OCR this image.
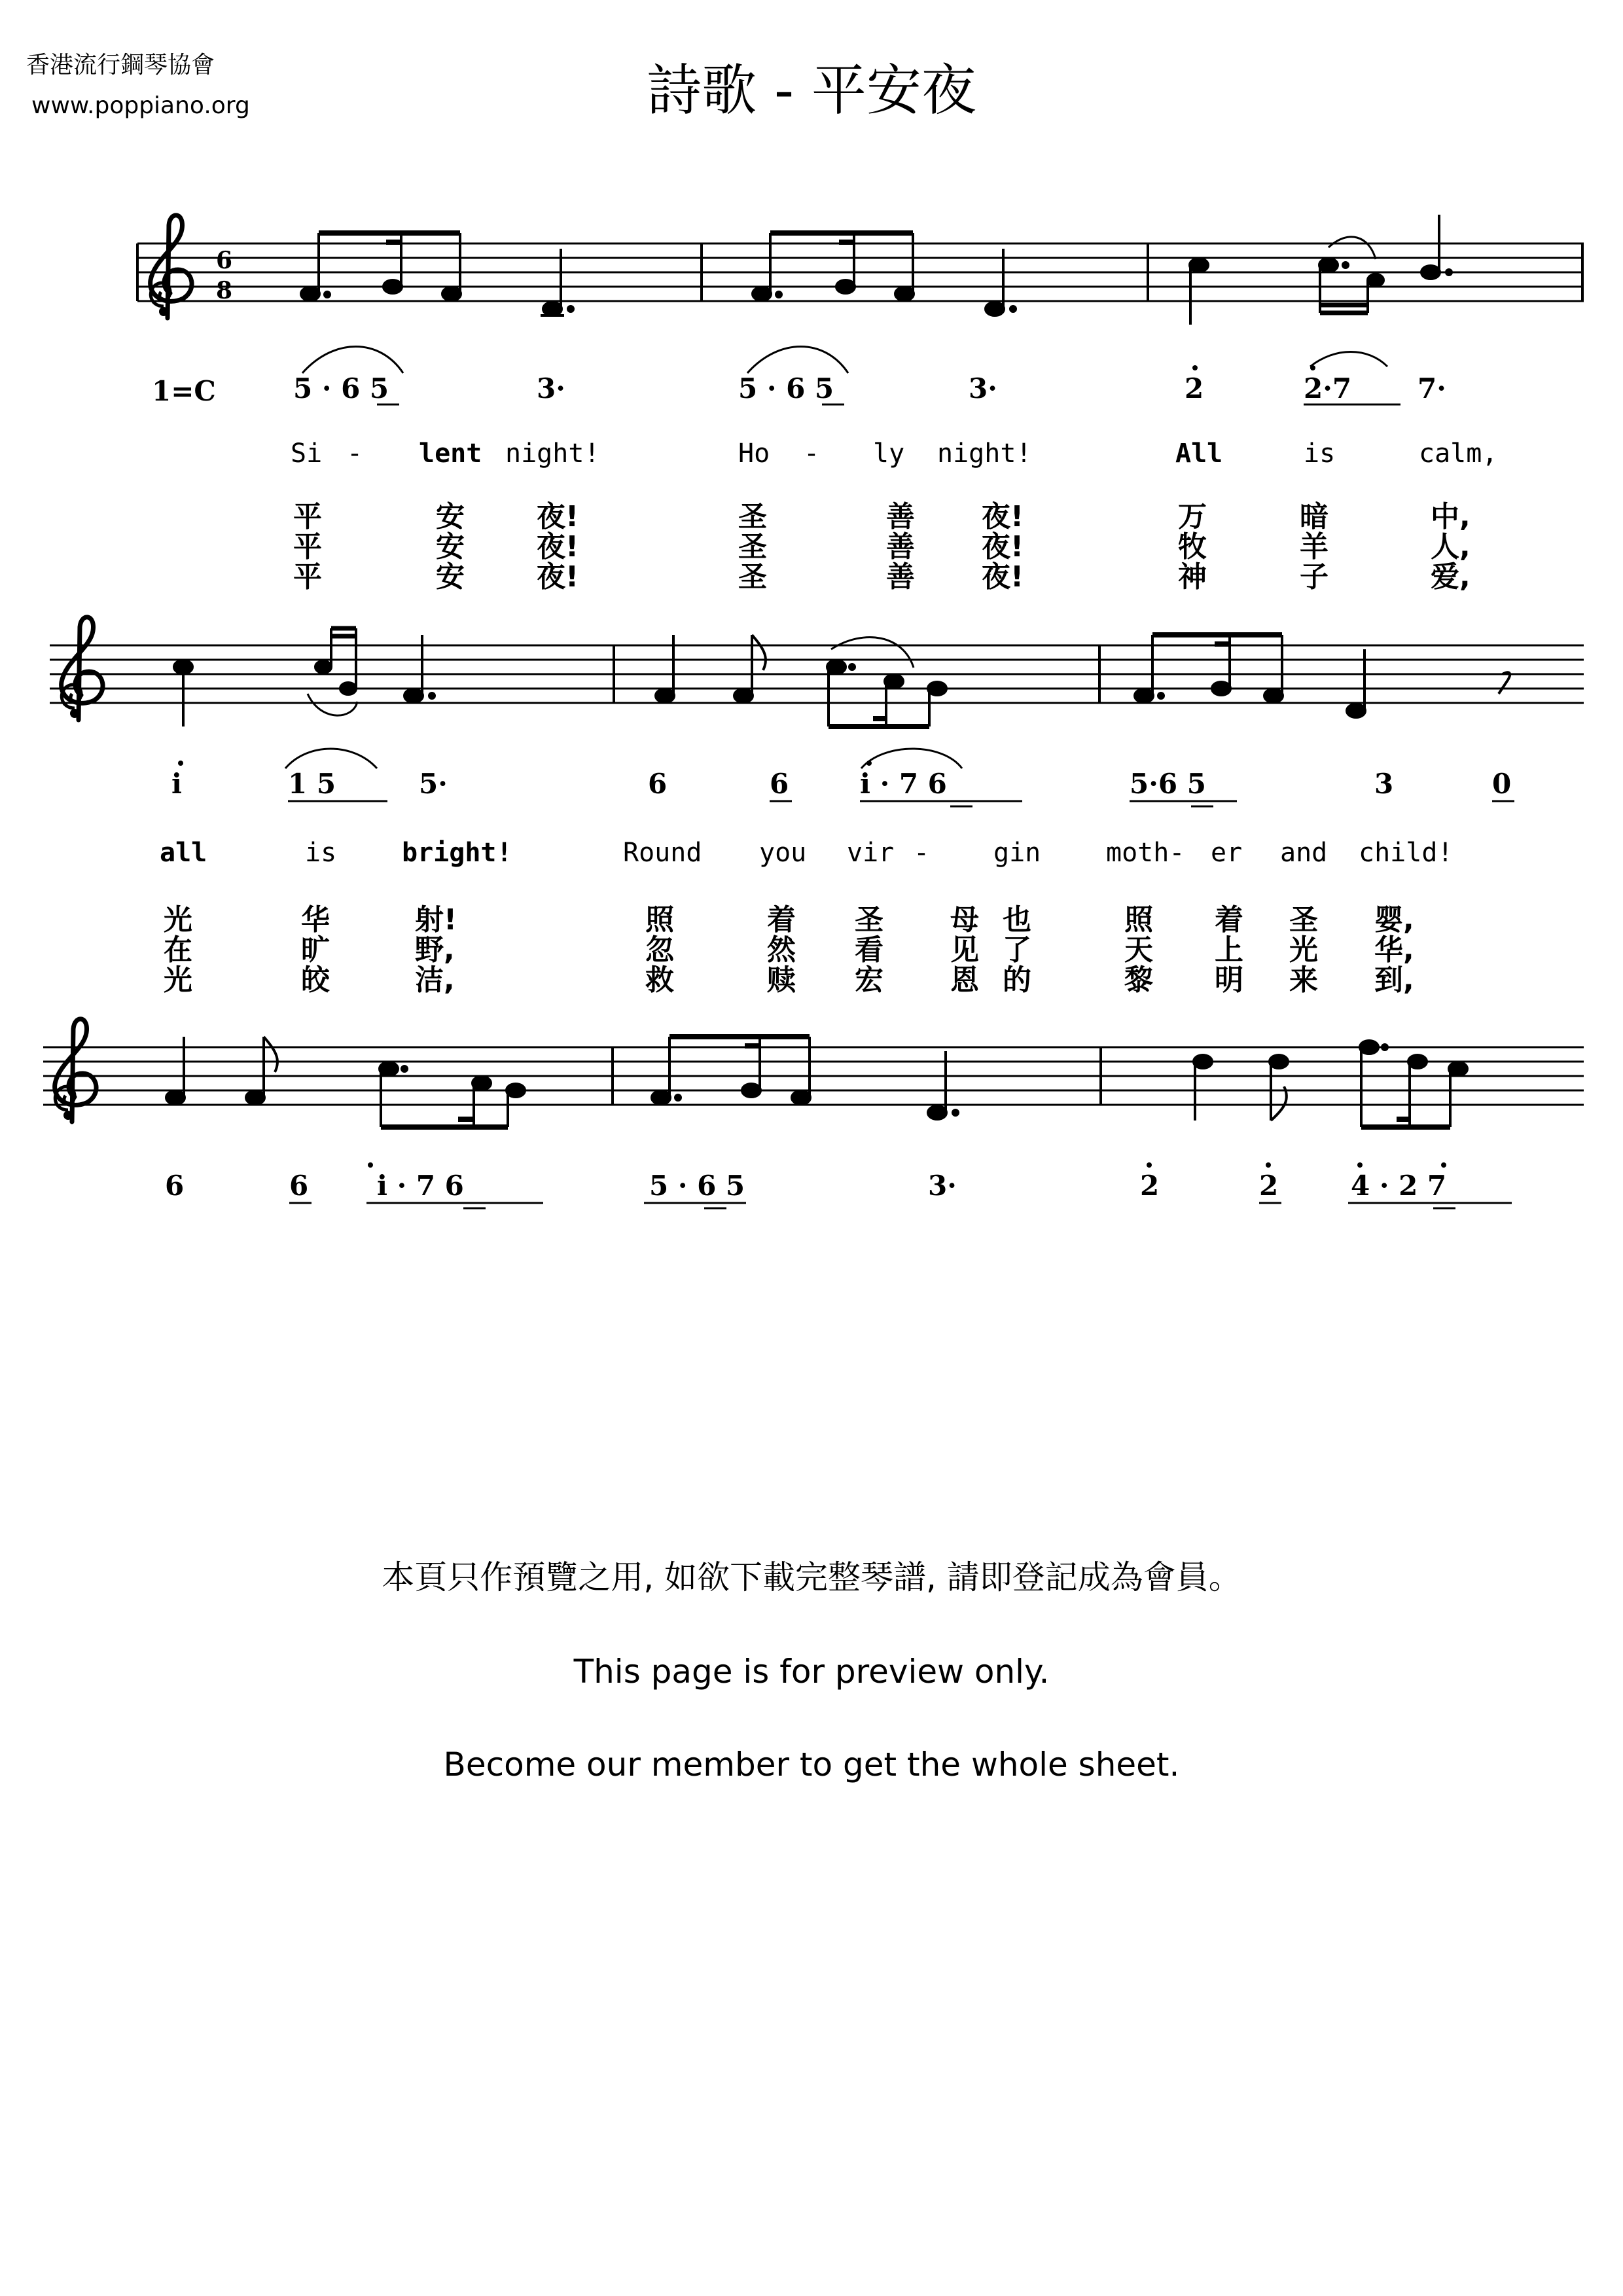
香港流行鋼琴協會
www.poppiano.org	詩歌 - 平安夜
6
8
1=C	5 · 6 5	3·	5 · 6 5	3·	2	2·7 7·
Si - lent night!	Ho - ly night!	All	is	calm,
平	安	夜!	圣	善 夜!	万	暗	中,
平	安	夜!	圣	善 夜!	牧	羊	人,
平	安	夜!	圣	善 夜!	神	子	爱,
i	1 5	5·	6	6	i · 7 6	5·6 5	3	0
all	is bright!	Round you vir - gin moth- er and child!
光	华	射!	照	着 圣 母 也	照 着 圣 婴,
在	旷	野,	忽	然 看 见 了	天 上 光 华,
光	皎	洁,	救	赎 宏 恩 的	黎 明 来 到,
6	6 i · 7 6	5 · 6 5	3·	2	2	4 · 2 7
本頁只作預覽之用, 如欲下載完整琴譜, 請即登記成為會員。
This page is for preview only.
Become our member to get the whole sheet.
